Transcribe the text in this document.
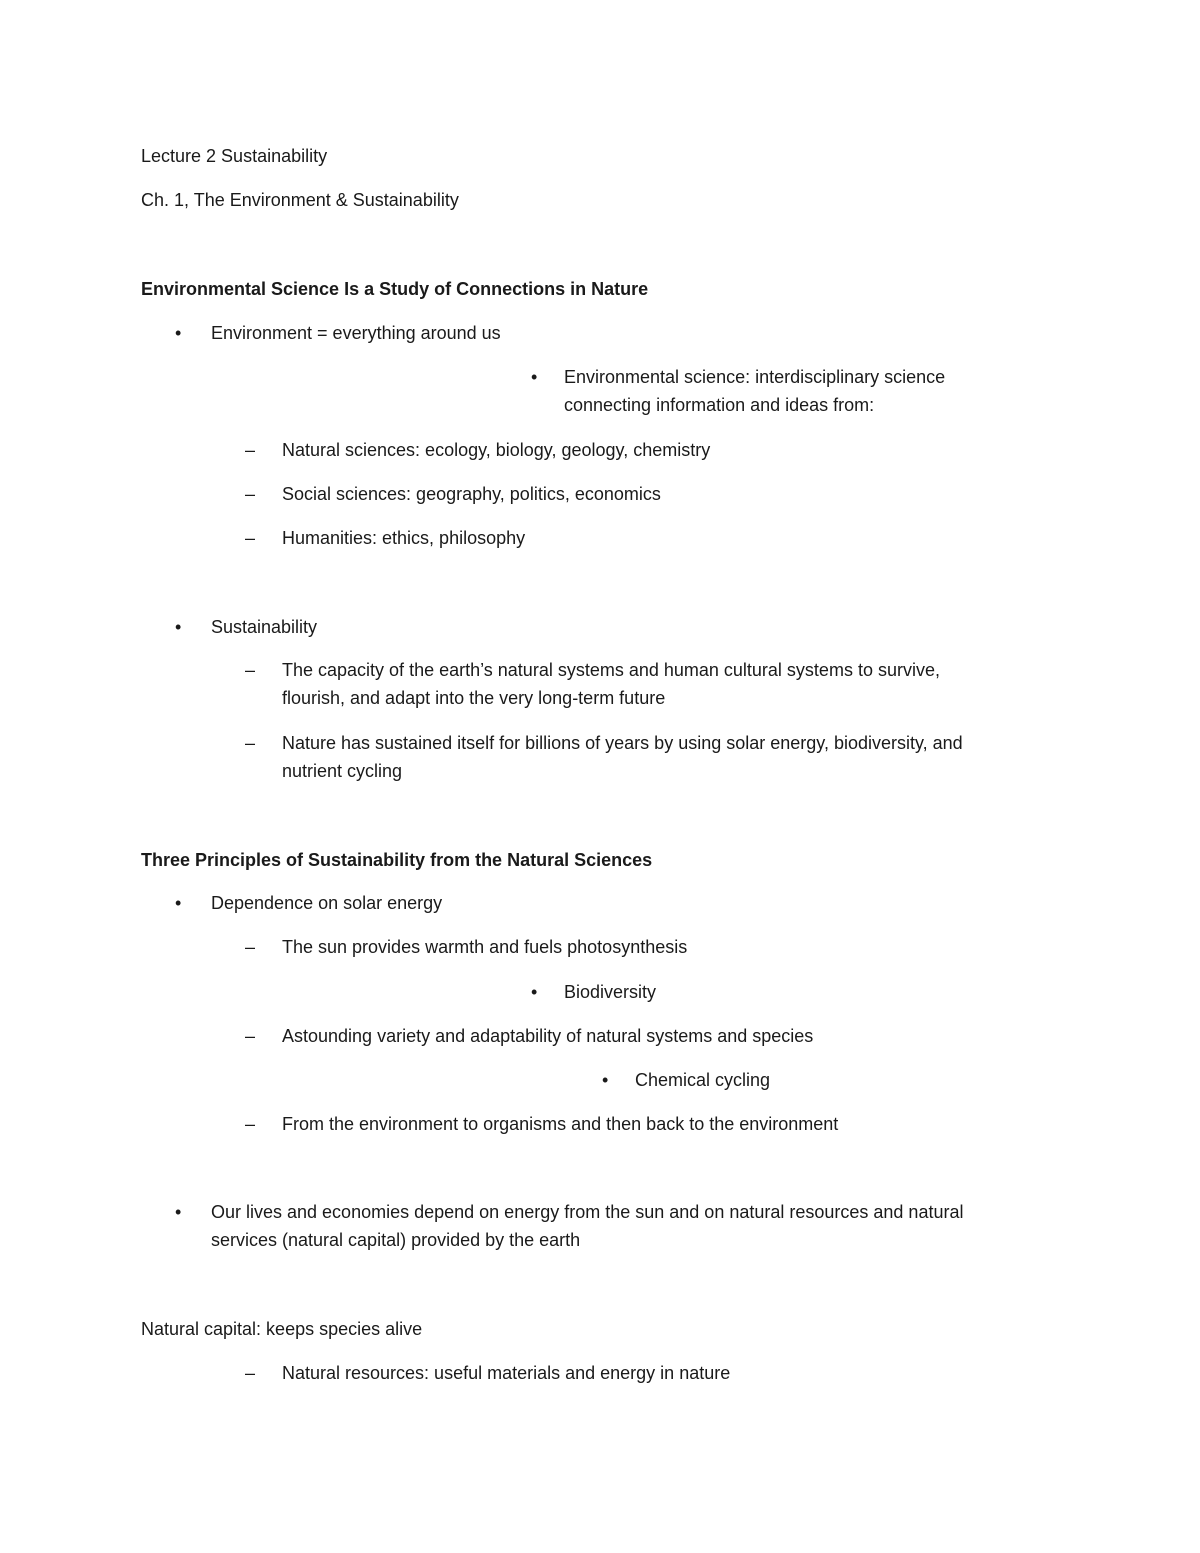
Lecture 2 Sustainability
Ch. 1, The Environment & Sustainability
Environmental Science Is a Study of Connections in Nature
• Environment = everything around us
• Environmental science: interdisciplinary science
connecting information and ideas from:
– Natural sciences: ecology, biology, geology, chemistry
– Social sciences: geography, politics, economics
– Humanities: ethics, philosophy
• Sustainability
– The capacity of the earth’s natural systems and human cultural systems to survive,
flourish, and adapt into the very long-term future
– Nature has sustained itself for billions of years by using solar energy, biodiversity, and
nutrient cycling
Three Principles of Sustainability from the Natural Sciences
• Dependence on solar energy
– The sun provides warmth and fuels photosynthesis
• Biodiversity
– Astounding variety and adaptability of natural systems and species
• Chemical cycling
– From the environment to organisms and then back to the environment
• Our lives and economies depend on energy from the sun and on natural resources and natural
services (natural capital) provided by the earth
Natural capital: keeps species alive
– Natural resources: useful materials and energy in nature
